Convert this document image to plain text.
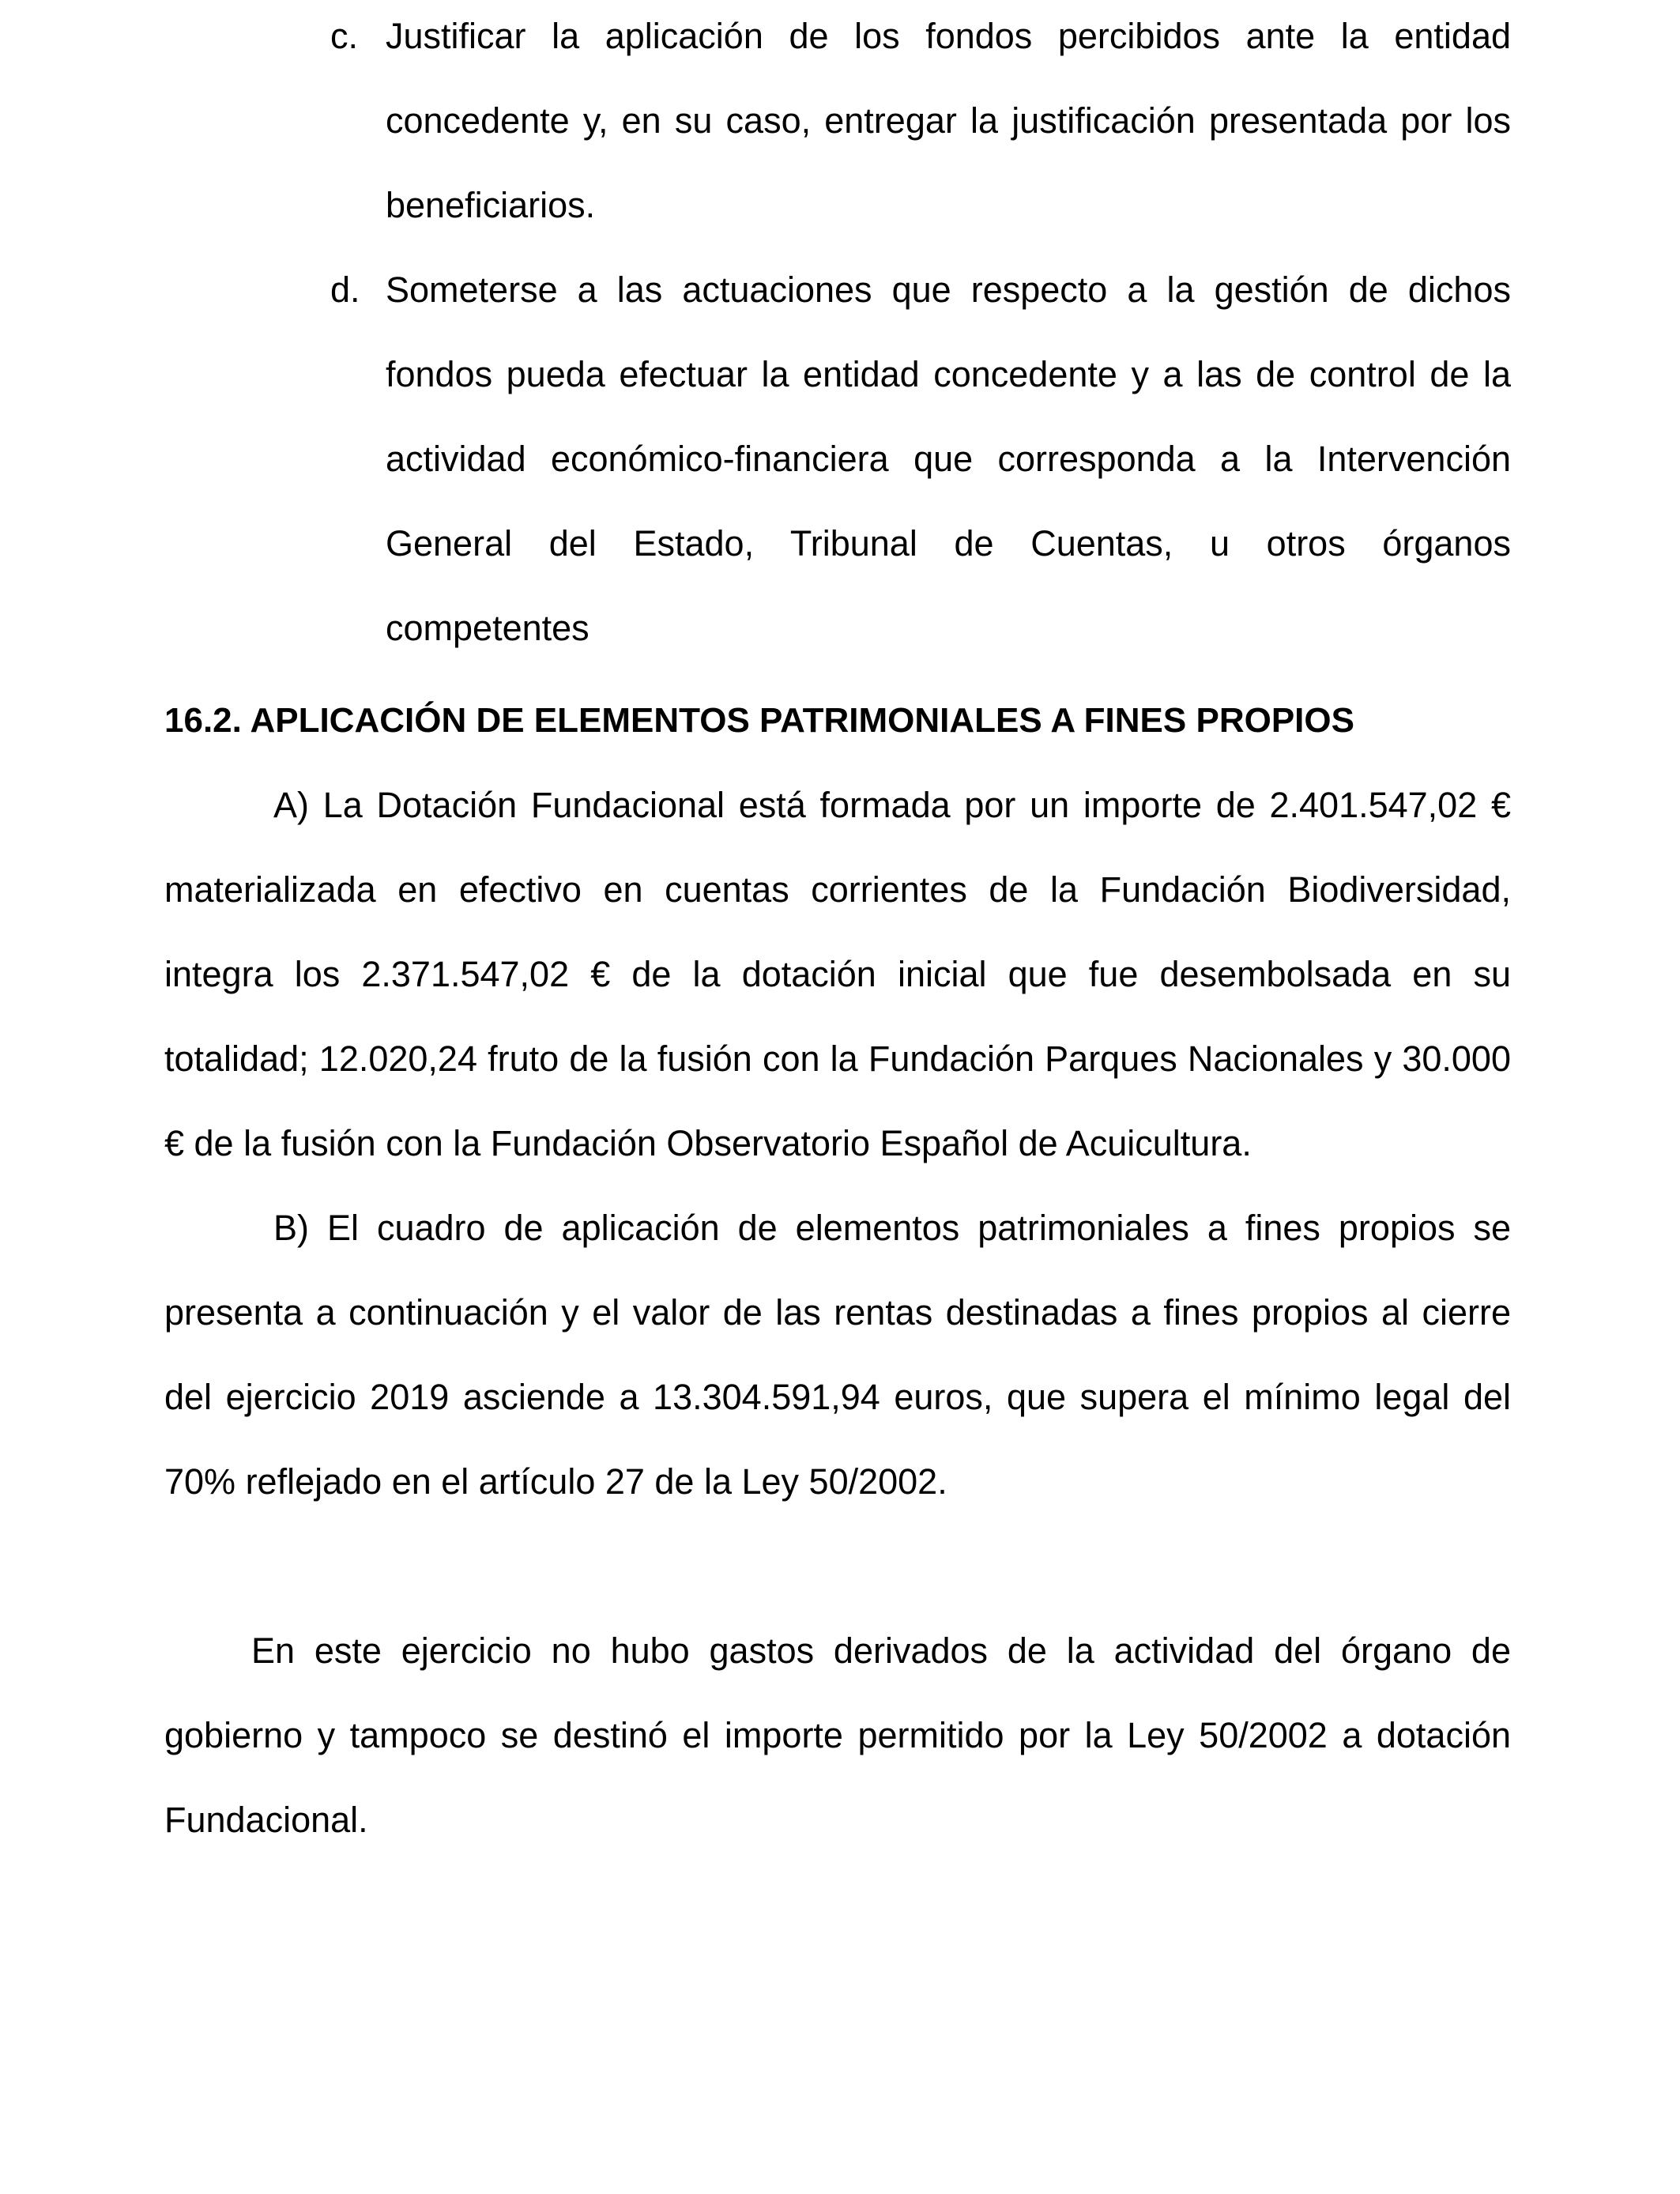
c. Justificar la aplicación de los fondos percibidos ante la entidad concedente y, en su caso, entregar la justificación presentada por los beneficiarios.
d. Someterse a las actuaciones que respecto a la gestión de dichos fondos pueda efectuar la entidad concedente y a las de control de la actividad económico-financiera que corresponda a la Intervención General del Estado, Tribunal de Cuentas, u otros órganos competentes
16.2. APLICACIÓN DE ELEMENTOS PATRIMONIALES A FINES PROPIOS
A) La Dotación Fundacional está formada por un importe de 2.401.547,02 € materializada en efectivo en cuentas corrientes de la Fundación Biodiversidad, integra los 2.371.547,02 € de la dotación inicial que fue desembolsada en su totalidad; 12.020,24 fruto de la fusión con la Fundación Parques Nacionales y 30.000 € de la fusión con la Fundación Observatorio Español de Acuicultura.
B) El cuadro de aplicación de elementos patrimoniales a fines propios se presenta a continuación y el valor de las rentas destinadas a fines propios al cierre del ejercicio 2019 asciende a 13.304.591,94 euros, que supera el mínimo legal del 70% reflejado en el artículo 27 de la Ley 50/2002.
En este ejercicio no hubo gastos derivados de la actividad del órgano de gobierno y tampoco se destinó el importe permitido por la Ley 50/2002 a dotación Fundacional.
